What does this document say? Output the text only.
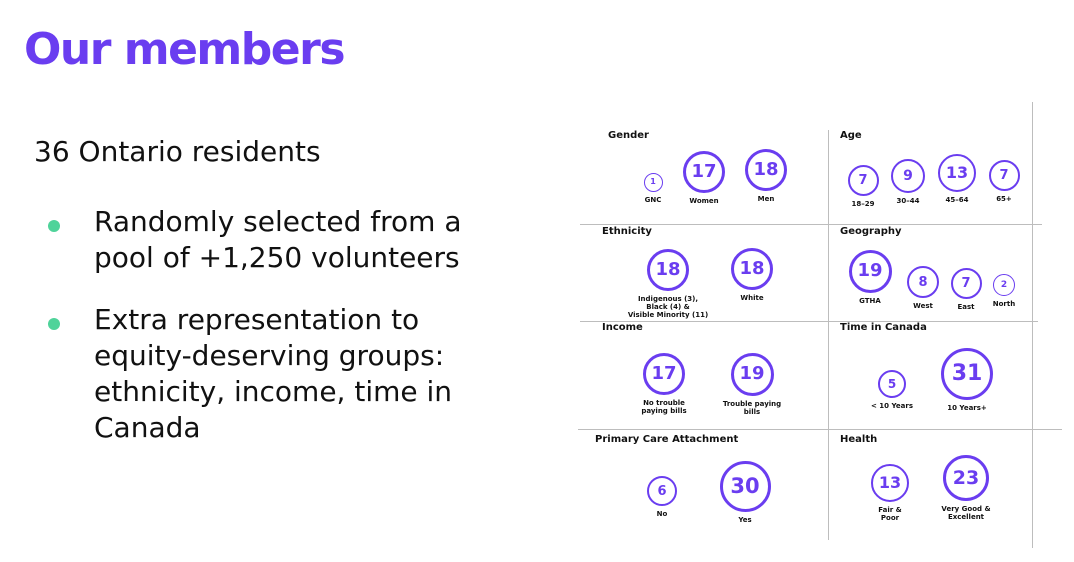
Our members
36 Ontario residents
Randomly selected from a pool of +1,250 volunteers
Extra representation to equity-deserving groups: ethnicity, income, time in Canada
Gender
1
GNC
17
Women
18
Men
Age
7
18–29
9
30–44
13
45–64
7
65+
Ethnicity
18
Indigenous (3),
Black (4) &
Visible Minority (11)
18
White
Geography
19
GTHA
8
West
7
East
2
North
Income
17
No trouble
paying bills
19
Trouble paying
bills
Time in Canada
5
< 10 Years
31
10 Years+
Primary Care Attachment
6
No
30
Yes
Health
13
Fair &
Poor
23
Very Good &
Excellent
